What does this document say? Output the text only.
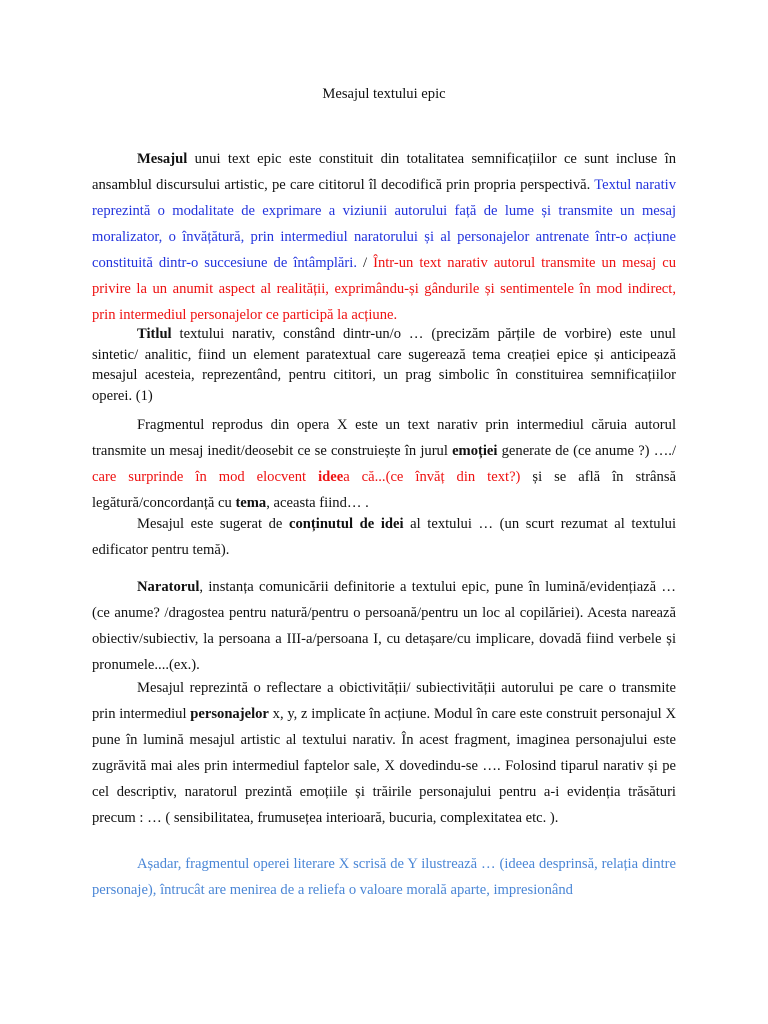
Mesajul textului epic

Mesajul unui text epic este constituit din totalitatea semnificațiilor ce sunt incluse în ansamblul discursului artistic, pe care cititorul îl decodifică prin propria perspectivă. Textul narativ reprezintă o modalitate de exprimare a viziunii autorului față de lume și transmite un mesaj moralizator, o învățătură, prin intermediul naratorului și al personajelor antrenate într-o acțiune constituită dintr-o succesiune de întâmplări. / Într-un text narativ autorul transmite un mesaj cu privire la un anumit aspect al realității, exprimându-și gândurile și sentimentele în mod indirect, prin intermediul personajelor ce participă la acțiune.

Titlul textului narativ, constând dintr-un/o … (precizăm părțile de vorbire) este unul sintetic/ analitic, fiind un element paratextual care sugerează tema creației epice și anticipează mesajul acesteia, reprezentând, pentru cititori, un prag simbolic în constituirea semnificațiilor operei. (1)

Fragmentul reprodus din opera X este un text narativ prin intermediul căruia autorul transmite un mesaj inedit/deosebit ce se construiește în jurul emoției generate de (ce anume ?) …./ care surprinde în mod elocvent ideea că...(ce învăț din text?) și se află în strânsă legătură/concordanță cu tema, aceasta fiind… .

Mesajul este sugerat de conținutul de idei al textului … (un scurt rezumat al textului edificator pentru temă).

Naratorul, instanța comunicării definitorie a textului epic, pune în lumină/evidențiază … (ce anume? /dragostea pentru natură/pentru o persoană/pentru un loc al copilăriei). Acesta narează obiectiv/subiectiv, la persoana a III-a/persoana I, cu detașare/cu implicare, dovadă fiind verbele și pronumele....(ex.).

Mesajul reprezintă o reflectare a obictivității/ subiectivității autorului pe care o transmite prin intermediul personajelor x, y, z implicate în acțiune. Modul în care este construit personajul X pune în lumină mesajul artistic al textului narativ. În acest fragment, imaginea personajului este zugrăvită mai ales prin intermediul faptelor sale, X dovedindu-se …. Folosind tiparul narativ și pe cel descriptiv, naratorul prezintă emoțiile și trăirile personajului pentru a-i evidenția trăsături precum : … ( sensibilitatea, frumusețea interioară, bucuria, complexitatea etc. ).

Așadar, fragmentul operei literare X scrisă de Y ilustrează … (ideea desprinsă, relația dintre personaje), întrucât are menirea de a reliefa o valoare morală aparte, impresionând
